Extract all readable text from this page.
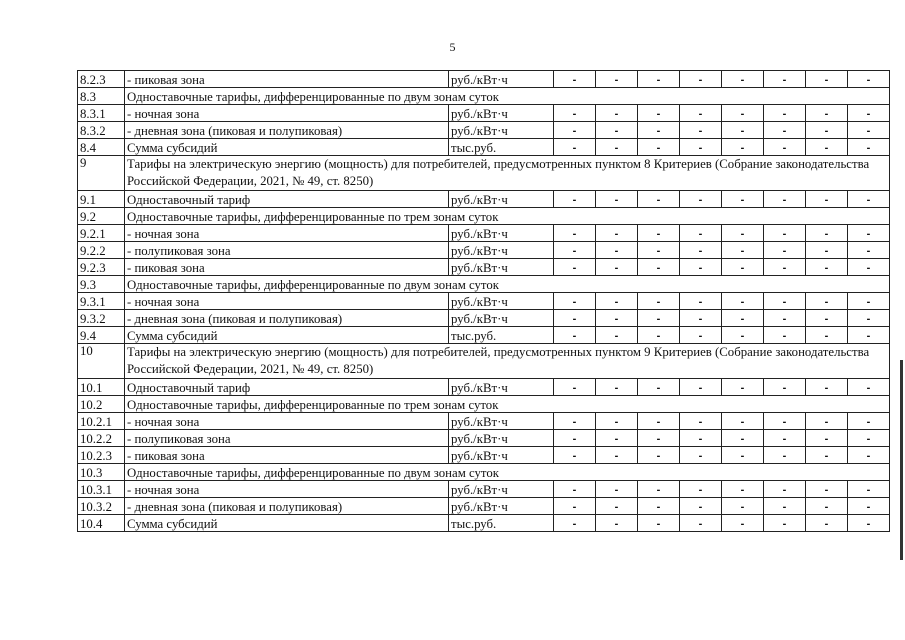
5
8.2.3	- пиковая зона	руб./кВт·ч	-	-	-	-	-	-	-	-
8.3	Одноставочные тарифы, дифференцированные по двум зонам суток									
8.3.1	- ночная зона	руб./кВт·ч	-	-	-	-	-	-	-	-
8.3.2	- дневная зона (пиковая и полупиковая)	руб./кВт·ч	-	-	-	-	-	-	-	-
8.4	Сумма субсидий	тыс.руб.	-	-	-	-	-	-	-	-
9	Тарифы на электрическую энергию (мощность) для потребителей, предусмотренных пунктом 8 Критериев (Собрание законодательства Российской Федерации, 2021, № 49, ст. 8250)									
9.1	Одноставочный тариф	руб./кВт·ч	-	-	-	-	-	-	-	-
9.2	Одноставочные тарифы, дифференцированные по трем зонам суток									
9.2.1	- ночная зона	руб./кВт·ч	-	-	-	-	-	-	-	-
9.2.2	- полупиковая зона	руб./кВт·ч	-	-	-	-	-	-	-	-
9.2.3	- пиковая зона	руб./кВт·ч	-	-	-	-	-	-	-	-
9.3	Одноставочные тарифы, дифференцированные по двум зонам суток									
9.3.1	- ночная зона	руб./кВт·ч	-	-	-	-	-	-	-	-
9.3.2	- дневная зона (пиковая и полупиковая)	руб./кВт·ч	-	-	-	-	-	-	-	-
9.4	Сумма субсидий	тыс.руб.	-	-	-	-	-	-	-	-
10	Тарифы на электрическую энергию (мощность) для потребителей, предусмотренных пунктом 9 Критериев (Собрание законодательства Российской Федерации, 2021, № 49, ст. 8250)									
10.1	Одноставочный тариф	руб./кВт·ч	-	-	-	-	-	-	-	-
10.2	Одноставочные тарифы, дифференцированные по трем зонам суток									
10.2.1	- ночная зона	руб./кВт·ч	-	-	-	-	-	-	-	-
10.2.2	- полупиковая зона	руб./кВт·ч	-	-	-	-	-	-	-	-
10.2.3	- пиковая зона	руб./кВт·ч	-	-	-	-	-	-	-	-
10.3	Одноставочные тарифы, дифференцированные по двум зонам суток									
10.3.1	- ночная зона	руб./кВт·ч	-	-	-	-	-	-	-	-
10.3.2	- дневная зона (пиковая и полупиковая)	руб./кВт·ч	-	-	-	-	-	-	-	-
10.4	Сумма субсидий	тыс.руб.	-	-	-	-	-	-	-	-
